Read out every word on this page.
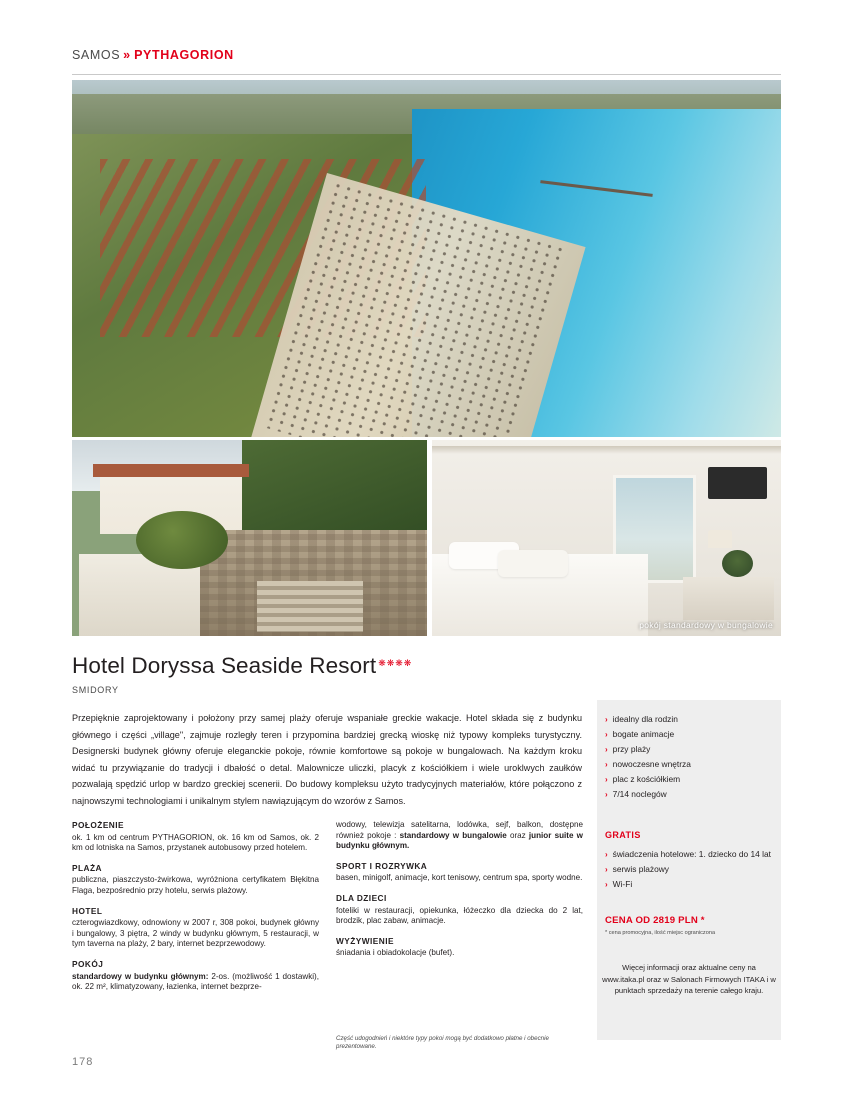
SAMOS » PYTHAGORION
pokój standardowy w bungalowie
Hotel Doryssa Seaside Resort ❋❋❋❋
SMIDORY
Przepięknie zaprojektowany i położony przy samej plaży oferuje wspaniałe greckie wakacje. Hotel składa się z budynku głównego i części „village", zajmuje rozległy teren i przypomina bardziej grecką wioskę niż typowy kompleks turystyczny. Designerski budynek główny oferuje eleganckie pokoje, równie komfortowe są pokoje w bungalowach. Na każdym kroku widać tu przywiązanie do tradycji i dbałość o detal. Malownicze uliczki, placyk z kościółkiem i wiele uroklwych zaułków pozwalają spędzić urlop w bardzo greckiej scenerii. Do budowy kompleksu użyto tradycyjnych materiałów, które połączono z najnowszymi technologiami i unikalnym stylem nawiązującym do wzorów z Samos.
POŁOŻENIE

ok. 1 km od centrum PYTHAGORION, ok. 16 km od Samos, ok. 2 km od lotniska na Samos, przystanek autobusowy przed hotelem.

PLAŻA

publiczna, piaszczysto-żwirkowa, wyróżniona certyfikatem Błękitna Flaga, bezpośrednio przy hotelu, serwis plażowy.

HOTEL

czterogwiazdkowy, odnowiony w 2007 r, 308 pokoi, budynek główny i bungalowy, 3 piętra, 2 windy w budynku głównym, 5 restauracji, w tym taverna na plaży, 2 bary, internet bezprzewodowy.

POKÓJ

standardowy w budynku głównym: 2-os. (możliwość 1 dostawki), ok. 22 m², klimatyzowany, łazienka, internet bezprze-

wodowy, telewizja satelitarna, lodówka, sejf, balkon, dostępne również pokoje : standardowy w bungalowie oraz junior suite w budynku głównym.

SPORT I ROZRYWKA

basen, minigolf, animacje, kort tenisowy, centrum spa, sporty wodne.

DLA DZIECI

foteliki w restauracji, opiekunka, łóżeczko dla dziecka do 2 lat, brodzik, plac zabaw, animacje.

WYŻYWIENIE

śniadania i obiadokolacje (bufet).

Część udogodnień i niektóre typy pokoi mogą być dodatkowo płatne i obecnie prezentowane.
› idealny dla rodzin
› bogate animacje
› przy plaży
› nowoczesne wnętrza
› plac z kościółkiem
› 7/14 noclegów
GRATIS
› świadczenia hotelowe: 1. dziecko do 14 lat
› serwis plażowy
› Wi-Fi
CENA OD 2819 PLN *
* cena promocyjna, ilość miejsc ograniczona
Więcej informacji oraz aktualne ceny na www.itaka.pl oraz w Salonach Firmowych ITAKA i w punktach sprzedaży na terenie całego kraju.
178
